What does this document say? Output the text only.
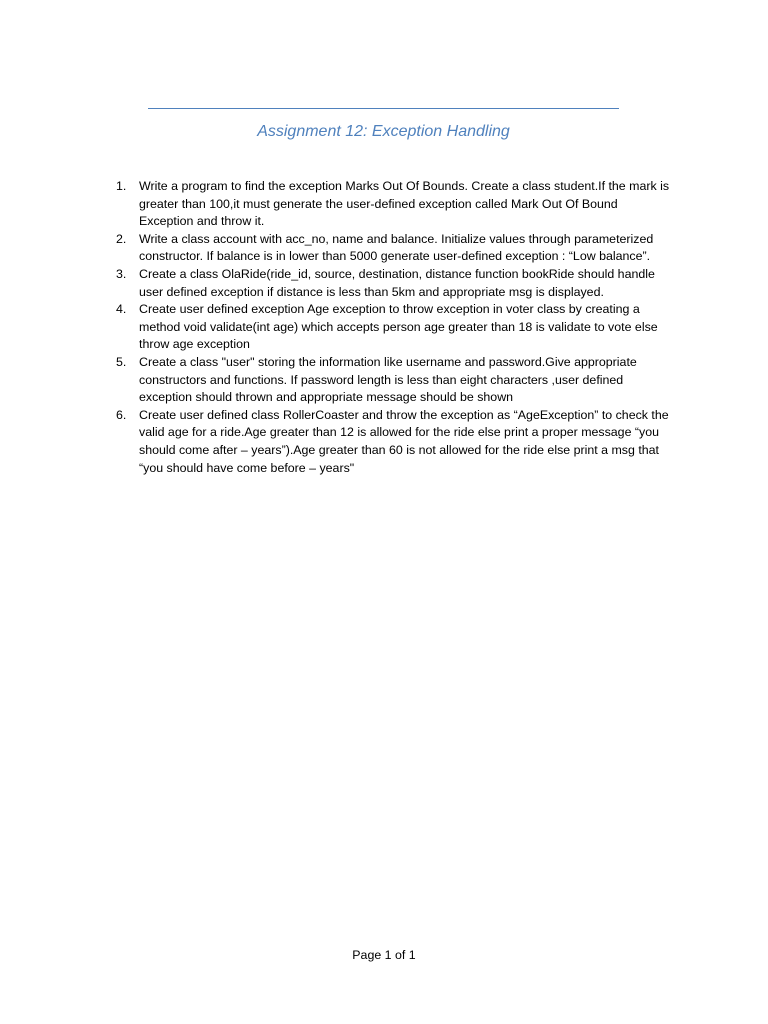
Assignment 12: Exception Handling
1.	Write a program to find the exception Marks Out Of Bounds. Create a class student.If the mark is greater than 100,it must generate the user-defined exception called Mark Out Of Bound Exception and throw it.
2.	Write a class account with acc_no, name and balance. Initialize values through parameterized constructor. If balance is in lower than 5000 generate user-defined exception : “Low balance”.
3.	Create a class OlaRide(ride_id, source, destination, distance function bookRide should handle user defined exception if distance is less than 5km and appropriate msg is displayed.
4.	Create user defined exception Age exception to throw exception in voter class by creating a method void validate(int age) which accepts person age greater than 18 is validate to vote else throw age exception
5.	Create a class "user" storing the information like username and password.Give appropriate constructors and functions. If password length is less than eight characters ,user defined exception should thrown and appropriate message should be shown
6.	Create user defined class RollerCoaster and throw the exception as “AgeException” to check the valid age for a ride.Age greater than 12 is allowed for the ride else print a proper message “you should come after – years”).Age greater than 60 is not allowed for the ride else print a msg that “you should have come before – years"
Page 1 of 1
